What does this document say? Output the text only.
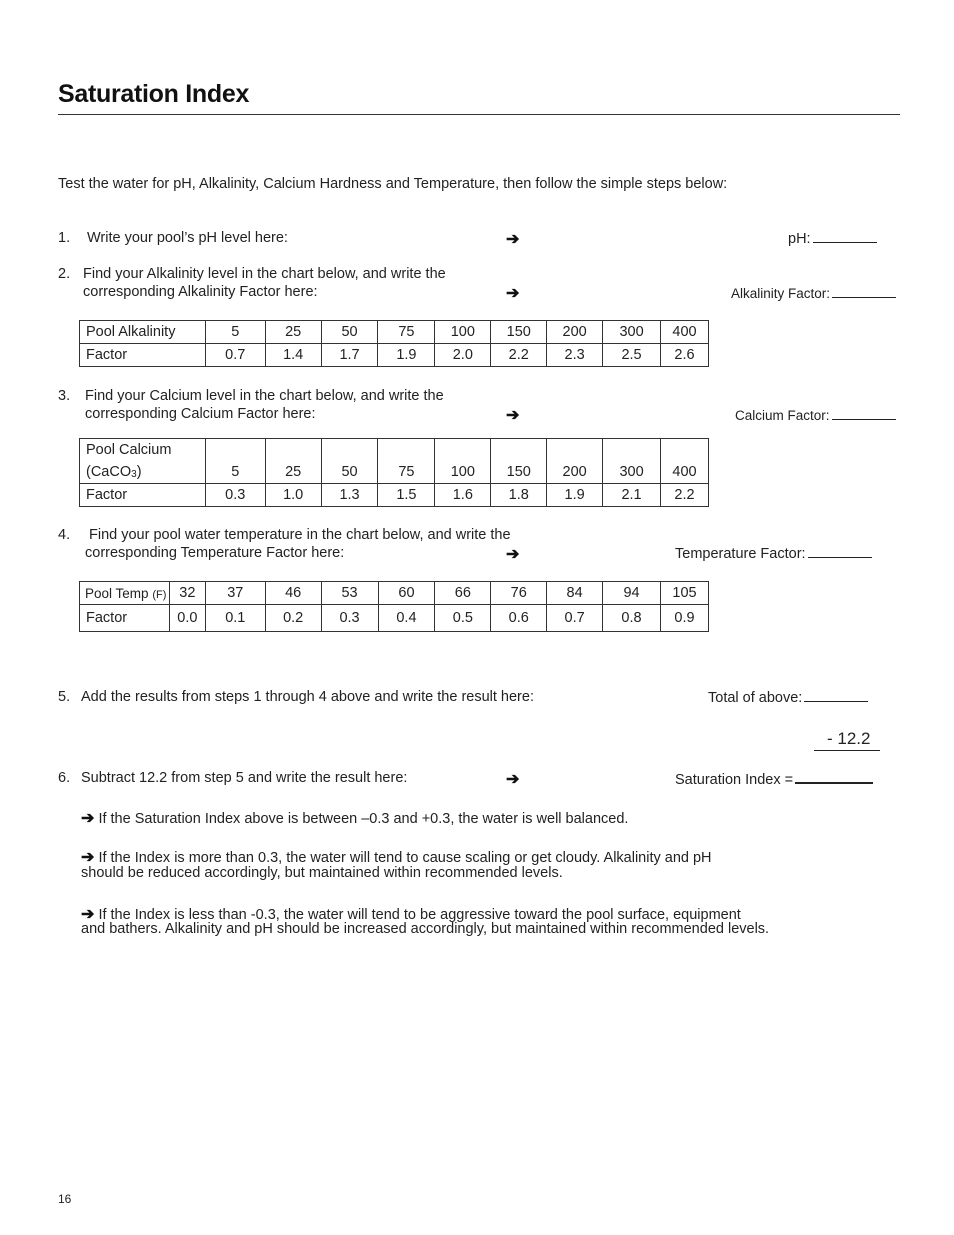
Saturation Index
Test the water for pH, Alkalinity, Calcium Hardness and Temperature, then follow the simple steps below:
1. Write your pool’s pH level here:	➔	pH:
2. Find your Alkalinity level in the chart below, and write the
corresponding Alkalinity Factor here:	➔	Alkalinity Factor:
Pool Alkalinity	5	25	50	75	100	150	200	300	400
Factor	0.7	1.4	1.7	1.9	2.0	2.2	2.3	2.5	2.6
3. Find your Calcium level in the chart below, and write the
corresponding Calcium Factor here:	➔	Calcium Factor:
Pool Calcium									
(CaCO3)	5	25	50	75	100	150	200	300	400
Factor	0.3	1.0	1.3	1.5	1.6	1.8	1.9	2.1	2.2
4. Find your pool water temperature in the chart below, and write the
corresponding Temperature Factor here:	➔	Temperature Factor:
Pool Temp (F)	32	37	46	53	60	66	76	84	94	105
Factor	0.0	0.1	0.2	0.3	0.4	0.5	0.6	0.7	0.8	0.9
5. Add the results from steps 1 through 4 above and write the result here:	Total of above:
- 12.2
6. Subtract 12.2 from step 5 and write the result here:	➔	Saturation Index =
➔ If the Saturation Index above is between –0.3 and +0.3, the water is well balanced.
➔ If the Index is more than 0.3, the water will tend to cause scaling or get cloudy. Alkalinity and pH
should be reduced accordingly, but maintained within recommended levels.
➔ If the Index is less than -0.3, the water will tend to be aggressive toward the pool surface, equipment
and bathers. Alkalinity and pH should be increased accordingly, but maintained within recommended levels.
16
